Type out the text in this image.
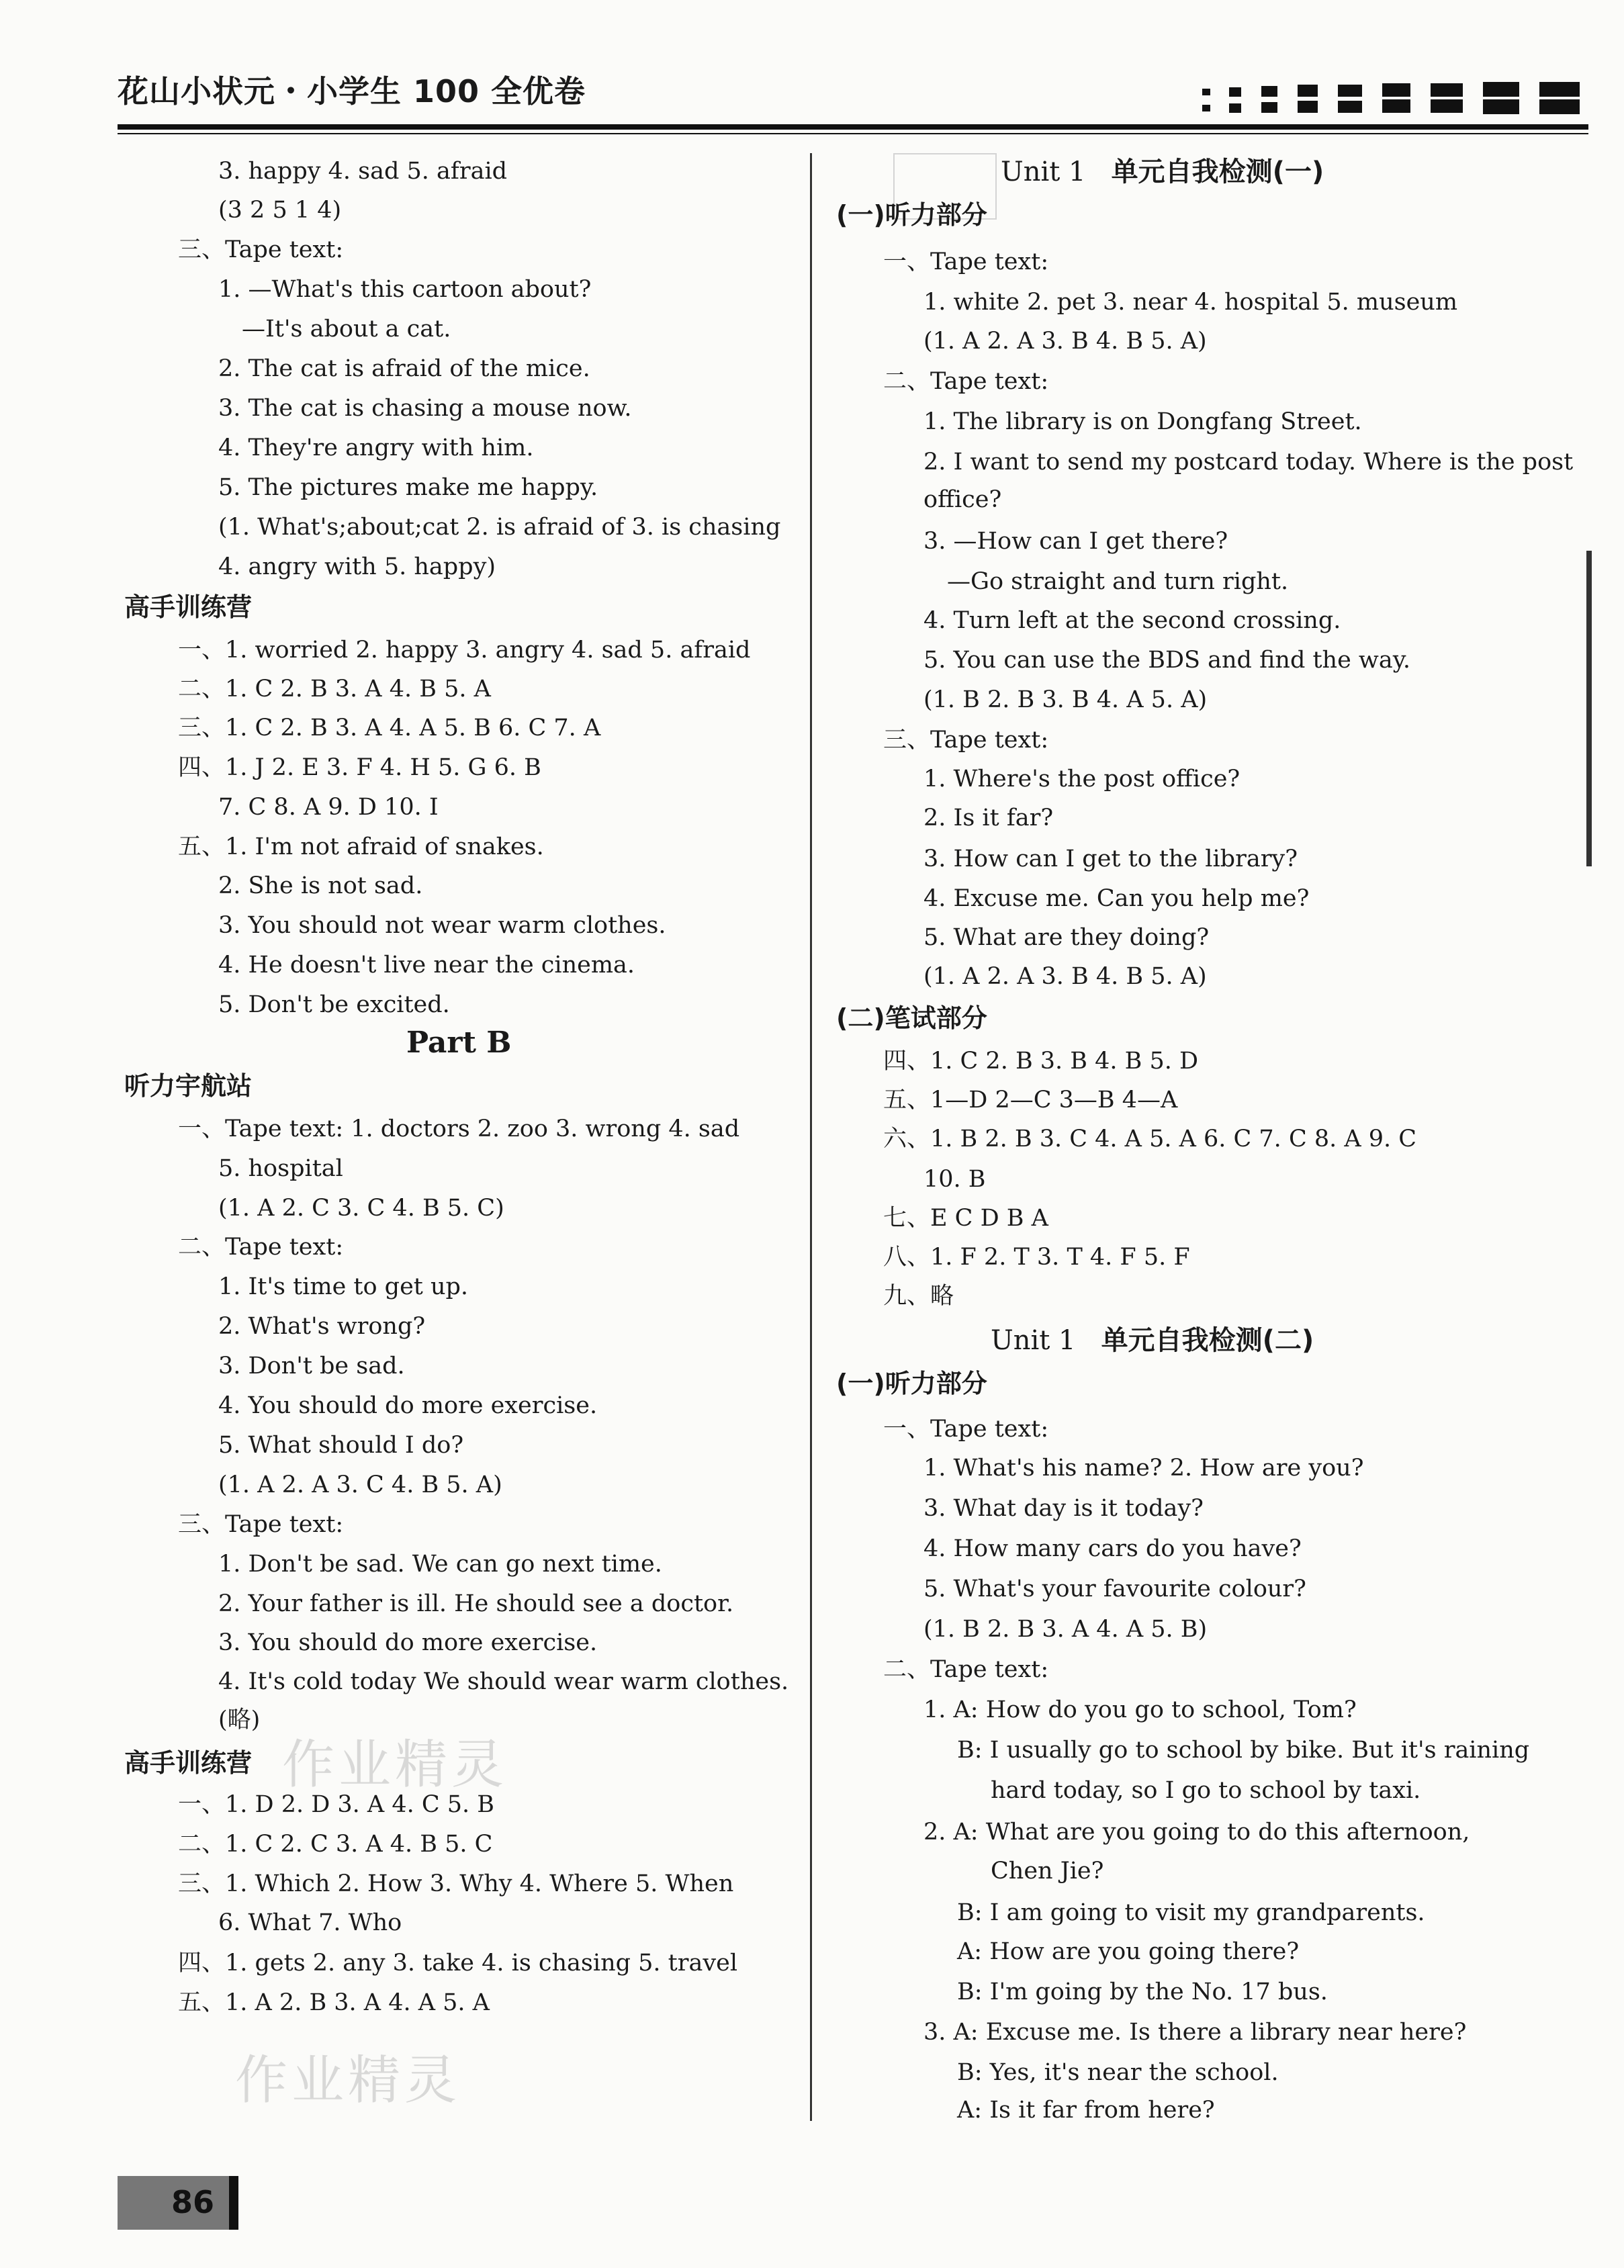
花山小状元・小学生 100 全优卷
3. happy 4. sad 5. afraid
(3 2 5 1 4)
三、Tape text:
1. —What's this cartoon about?
—It's about a cat.
2. The cat is afraid of the mice.
3. The cat is chasing a mouse now.
4. They're angry with him.
5. The pictures make me happy.
(1. What's;about;cat 2. is afraid of 3. is chasing
4. angry with 5. happy)
高手训练营
一、1. worried 2. happy 3. angry 4. sad 5. afraid
二、1. C 2. B 3. A 4. B 5. A
三、1. C 2. B 3. A 4. A 5. B 6. C 7. A
四、1. J 2. E 3. F 4. H 5. G 6. B
7. C 8. A 9. D 10. I
五、1. I'm not afraid of snakes.
2. She is not sad.
3. You should not wear warm clothes.
4. He doesn't live near the cinema.
5. Don't be excited.
Part B
听力宇航站
一、Tape text: 1. doctors 2. zoo 3. wrong 4. sad
5. hospital
(1. A 2. C 3. C 4. B 5. C)
二、Tape text:
1. It's time to get up.
2. What's wrong?
3. Don't be sad.
4. You should do more exercise.
5. What should I do?
(1. A 2. A 3. C 4. B 5. A)
三、Tape text:
1. Don't be sad. We can go next time.
2. Your father is ill. He should see a doctor.
3. You should do more exercise.
4. It's cold today We should wear warm clothes.
(略)
高手训练营
一、1. D 2. D 3. A 4. C 5. B
二、1. C 2. C 3. A 4. B 5. C
三、1. Which 2. How 3. Why 4. Where 5. When
6. What 7. Who
四、1. gets 2. any 3. take 4. is chasing 5. travel
五、1. A 2. B 3. A 4. A 5. A
Unit 1 单元自我检测(一)
(一)听力部分
一、Tape text:
1. white 2. pet 3. near 4. hospital 5. museum
(1. A 2. A 3. B 4. B 5. A)
二、Tape text:
1. The library is on Dongfang Street.
2. I want to send my postcard today. Where is the post
office?
3. —How can I get there?
—Go straight and turn right.
4. Turn left at the second crossing.
5. You can use the BDS and find the way.
(1. B 2. B 3. B 4. A 5. A)
三、Tape text:
1. Where's the post office?
2. Is it far?
3. How can I get to the library?
4. Excuse me. Can you help me?
5. What are they doing?
(1. A 2. A 3. B 4. B 5. A)
(二)笔试部分
四、1. C 2. B 3. B 4. B 5. D
五、1—D 2—C 3—B 4—A
六、1. B 2. B 3. C 4. A 5. A 6. C 7. C 8. A 9. C
10. B
七、E C D B A
八、1. F 2. T 3. T 4. F 5. F
九、略
Unit 1 单元自我检测(二)
(一)听力部分
一、Tape text:
1. What's his name? 2. How are you?
3. What day is it today?
4. How many cars do you have?
5. What's your favourite colour?
(1. B 2. B 3. A 4. A 5. B)
二、Tape text:
1. A: How do you go to school, Tom?
B: I usually go to school by bike. But it's raining
hard today, so I go to school by taxi.
2. A: What are you going to do this afternoon,
Chen Jie?
B: I am going to visit my grandparents.
A: How are you going there?
B: I'm going by the No. 17 bus.
3. A: Excuse me. Is there a library near here?
B: Yes, it's near the school.
A: Is it far from here?
作业精灵
作业精灵
86
